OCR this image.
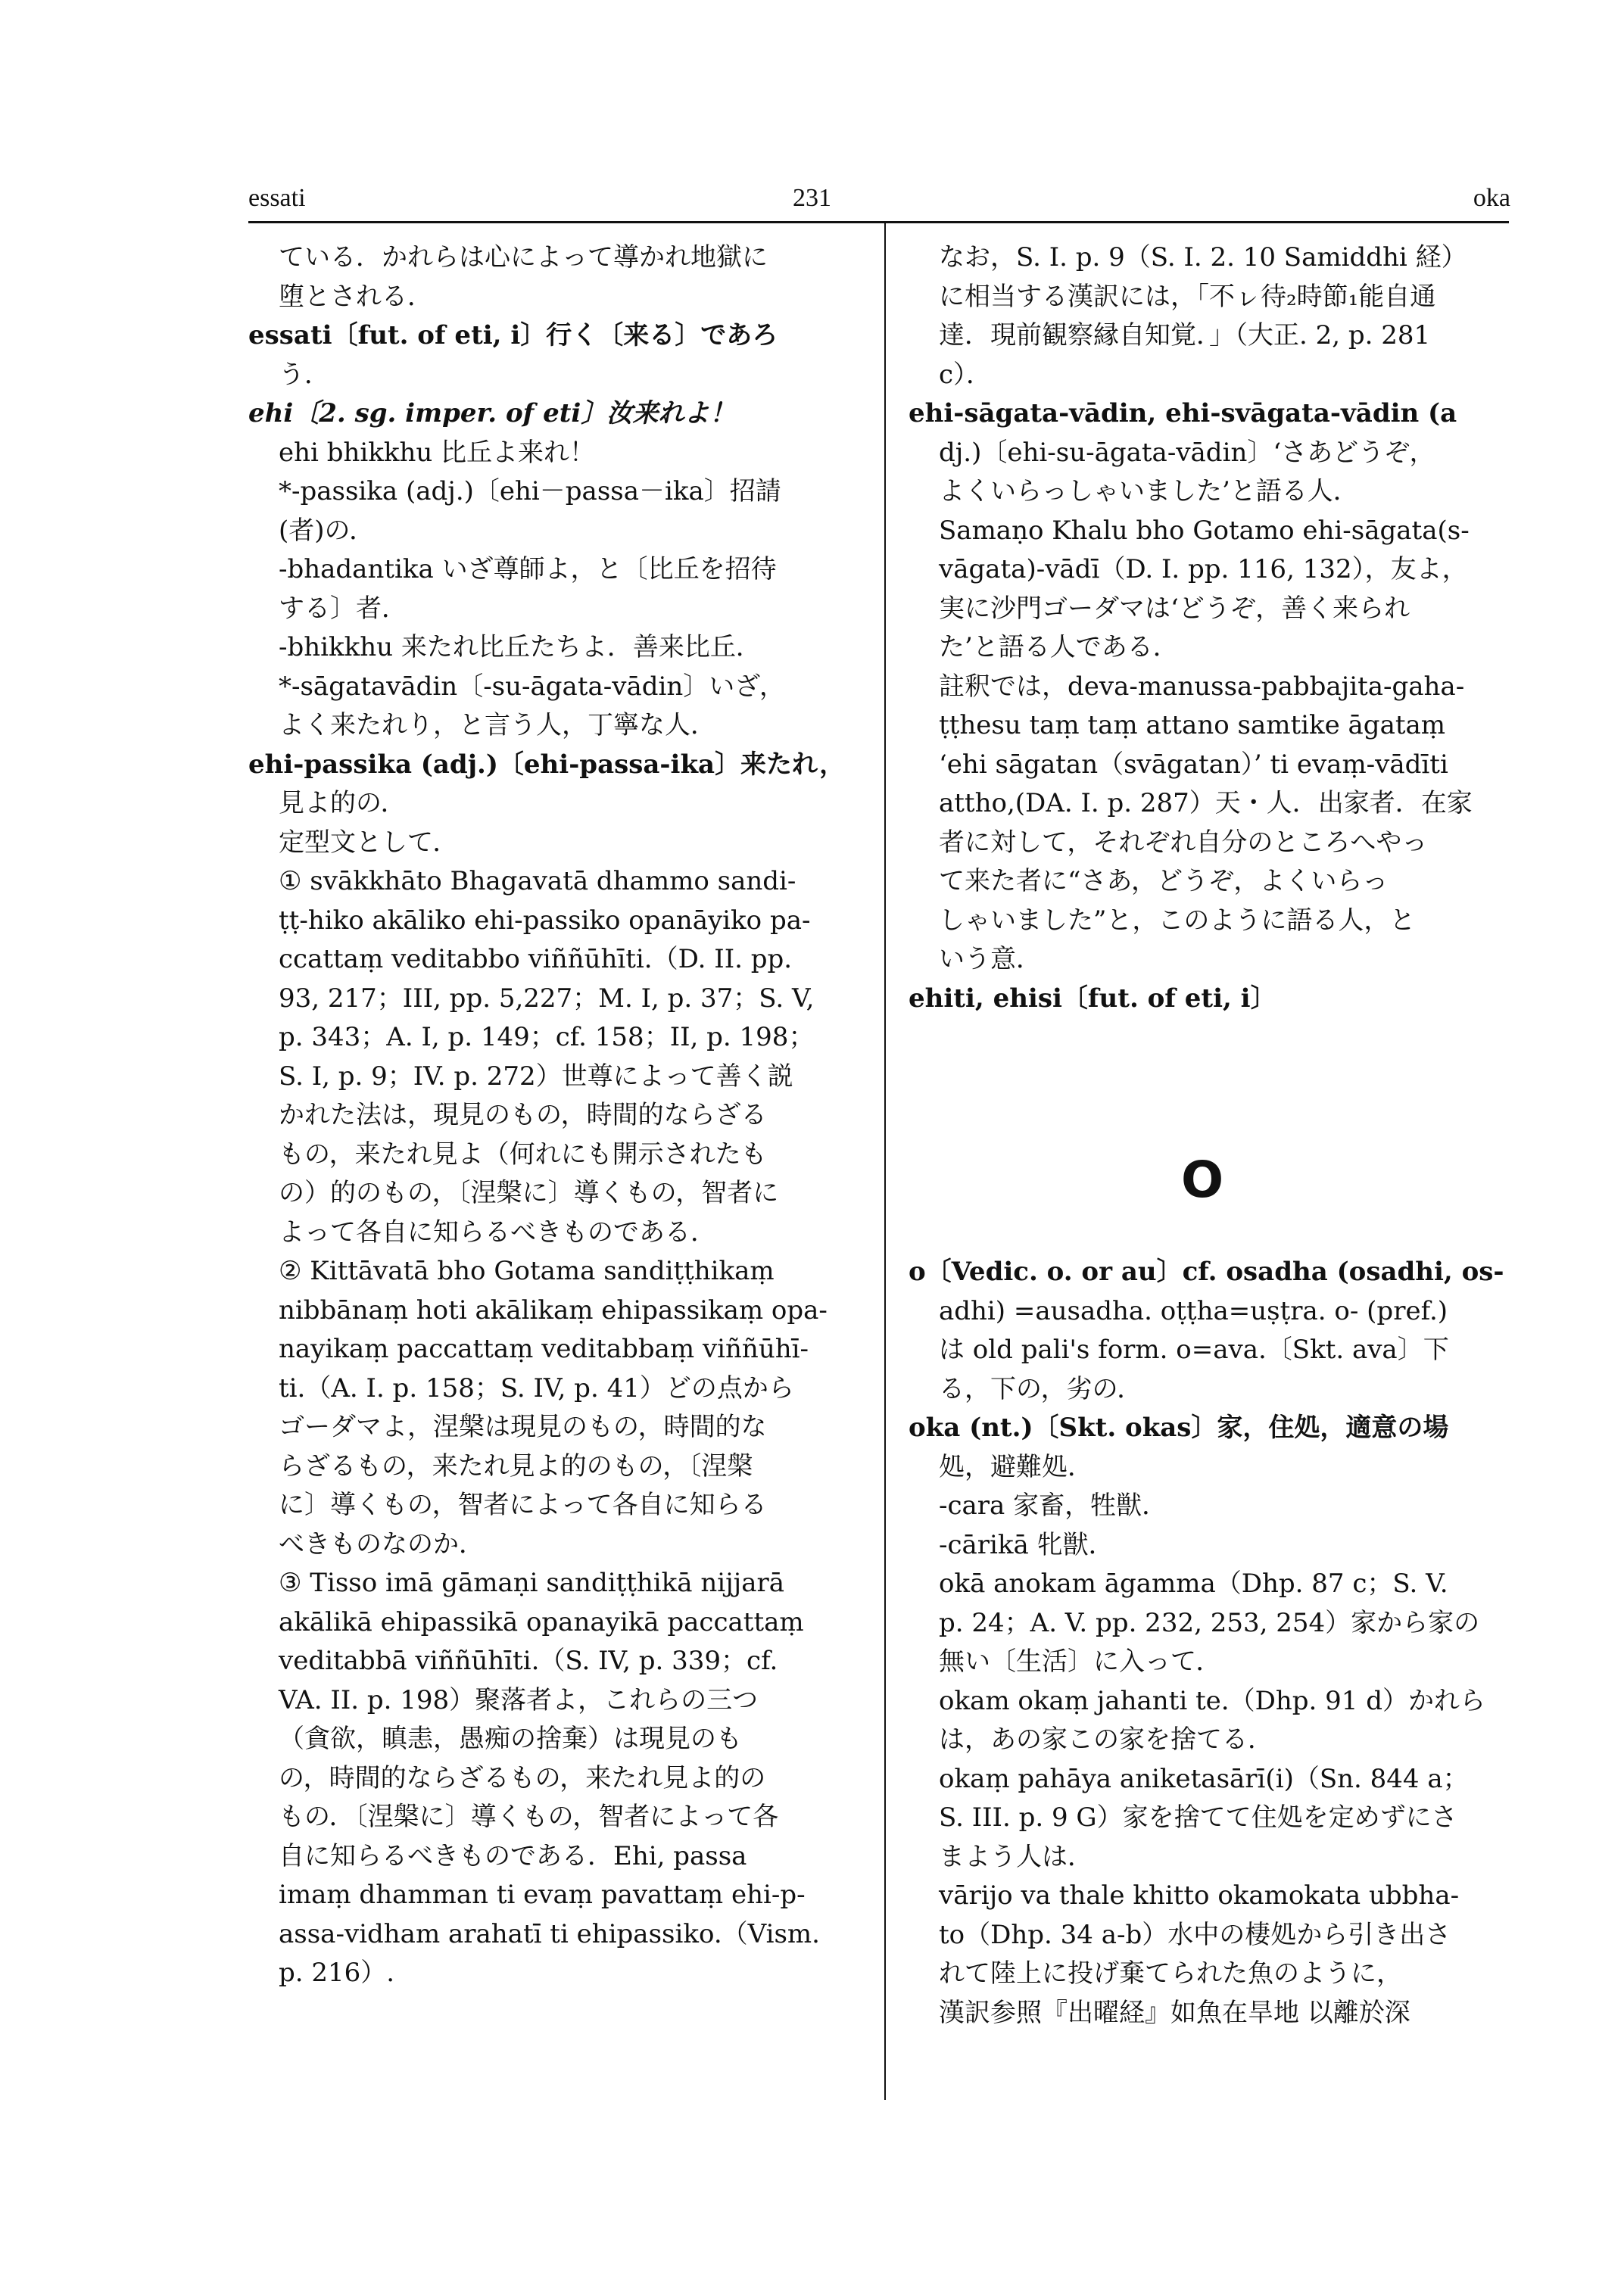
essati	231	oka
ている．かれらは心によって導かれ地獄に
堕とされる．
essati〔fut. of eti, i〕行く〔来る〕であろ
う．
ehi〔2. sg. imper. of eti〕汝来れよ！
ehi bhikkhu 比丘よ来れ！
*-passika (adj.)〔ehi－passa－ika〕招請
(者)の．
-bhadantika いざ尊師よ，と〔比丘を招待
する〕者．
-bhikkhu 来たれ比丘たちよ．善来比丘．
*-sāgatavādin〔-su-āgata-vādin〕いざ，
よく来たれり，と言う人，丁寧な人．
ehi-passika (adj.)〔ehi-passa-ika〕来たれ，
見よ的の．
定型文として．
① svākkhāto Bhagavatā dhammo sandi-
ṭṭ-hiko akāliko ehi-passiko opanāyiko pa-
ccattaṃ veditabbo viññūhīti.（D. II. pp.
93, 217；III, pp. 5,227；M. I, p. 37；S. V,
p. 343；A. I, p. 149；cf. 158；II, p. 198；
S. I, p. 9；IV. p. 272）世尊によって善く説
かれた法は，現見のもの，時間的ならざる
もの，来たれ見よ（何れにも開示されたも
の）的のもの，〔涅槃に〕導くもの，智者に
よって各自に知らるべきものである．
② Kittāvatā bho Gotama sandiṭṭhikaṃ
nibbānaṃ hoti akālikaṃ ehipassikaṃ opa-
nayikaṃ paccattaṃ veditabbaṃ viññūhī-
ti.（A. I. p. 158；S. IV, p. 41）どの点から
ゴーダマよ，涅槃は現見のもの，時間的な
らざるもの，来たれ見よ的のもの，〔涅槃
に〕導くもの，智者によって各自に知らる
べきものなのか．
③ Tisso imā gāmaṇi sandiṭṭhikā nijjarā
akālikā ehipassikā opanayikā paccattaṃ
veditabbā viññūhīti.（S. IV, p. 339；cf.
VA. II. p. 198）聚落者よ，これらの三つ
（貪欲，瞋恚，愚痴の捨棄）は現見のも
の，時間的ならざるもの，来たれ見よ的の
もの．〔涅槃に〕導くもの，智者によって各
自に知らるべきものである．Ehi, passa
imaṃ dhamman ti evaṃ pavattaṃ ehi-p-
assa-vidham arahatī ti ehipassiko.（Vism.
p. 216）.
なお，S. I. p. 9（S. I. 2. 10 Samiddhi 経）
に相当する漢訳には，「不ㇾ待₂時節₁能自通
達．現前観察縁自知覚．」（大正. 2, p. 281
c）．
ehi-sāgata-vādin, ehi-svāgata-vādin (a
dj.)〔ehi-su-āgata-vādin〕‘さあどうぞ，
よくいらっしゃいました’と語る人．
Samaṇo Khalu bho Gotamo ehi-sāgata(s-
vāgata)-vādī（D. I. pp. 116, 132），友よ，
実に沙門ゴーダマは‘どうぞ，善く来られ
た’と語る人である．
註釈では，deva-manussa-pabbajita-gaha-
ṭṭhesu taṃ taṃ attano samtike āgataṃ
‘ehi sāgatan（svāgatan）’ ti evaṃ-vādīti
attho,(DA. I. p. 287）天・人．出家者．在家
者に対して，それぞれ自分のところへやっ
て来た者に“さあ，どうぞ，よくいらっ
しゃいました”と，このように語る人，と
いう意．
ehiti, ehisi〔fut. of eti, i〕
O
o〔Vedic. o. or au〕cf. osadha (osadhi, os-
adhi) =ausadha. oṭṭha=uṣṭra. o- (pref.)
は old pali's form. o=ava.〔Skt. ava〕下
る，下の，劣の．
oka (nt.)〔Skt. okas〕家，住処，適意の場
処，避難処．
-cara 家畜，牲獣．
-cārikā 牝獣．
okā anokam āgamma（Dhp. 87 c；S. V.
p. 24；A. V. pp. 232, 253, 254）家から家の
無い〔生活〕に入って．
okam okaṃ jahanti te.（Dhp. 91 d）かれら
は，あの家この家を捨てる．
okaṃ pahāya aniketasārī(i)（Sn. 844 a；
S. III. p. 9 G）家を捨てて住処を定めずにさ
まよう人は．
vārijo va thale khitto okamokata ubbha-
to（Dhp. 34 a-b）水中の棲処から引き出さ
れて陸上に投げ棄てられた魚のように，
漢訳参照『出曜経』如魚在旱地 以離於深
